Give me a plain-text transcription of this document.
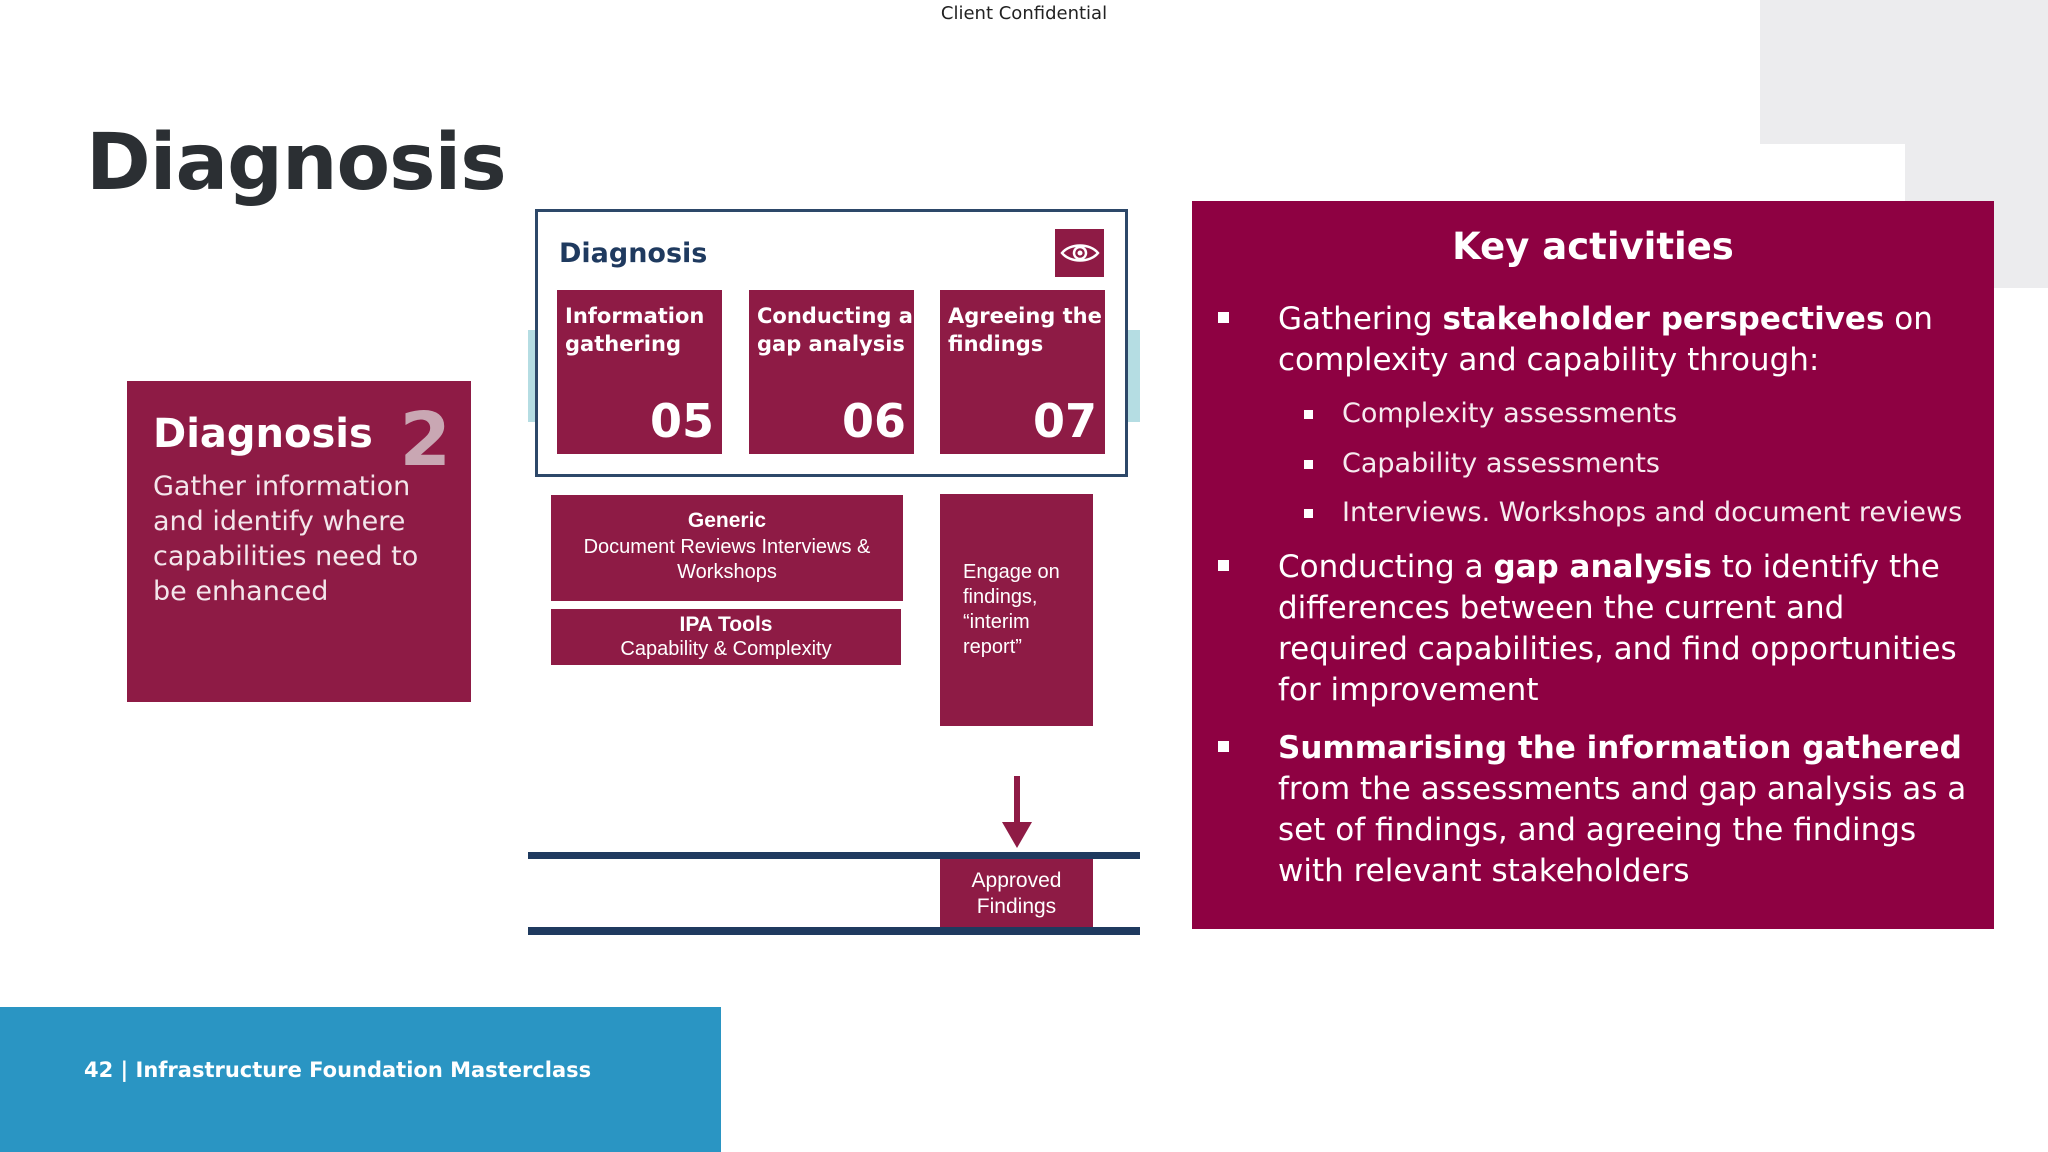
Client Confidential
Diagnosis
Diagnosis 2
Gather information and identify where capabilities need to be enhanced
Diagnosis
Information gathering
05
Conducting a gap analysis
06
Agreeing the findings
07
Generic
Document Reviews Interviews & Workshops
IPA Tools
Capability & Complexity
Engage on findings, “interim report”
Approved Findings
Key activities
Gathering stakeholder perspectives on complexity and capability through:
Complexity assessments
Capability assessments
Interviews. Workshops and document reviews
Conducting a gap analysis to identify the differences between the current and required capabilities, and find opportunities for improvement
Summarising the information gathered from the assessments and gap analysis as a set of findings, and agreeing the findings with relevant stakeholders
42 | Infrastructure Foundation Masterclass
